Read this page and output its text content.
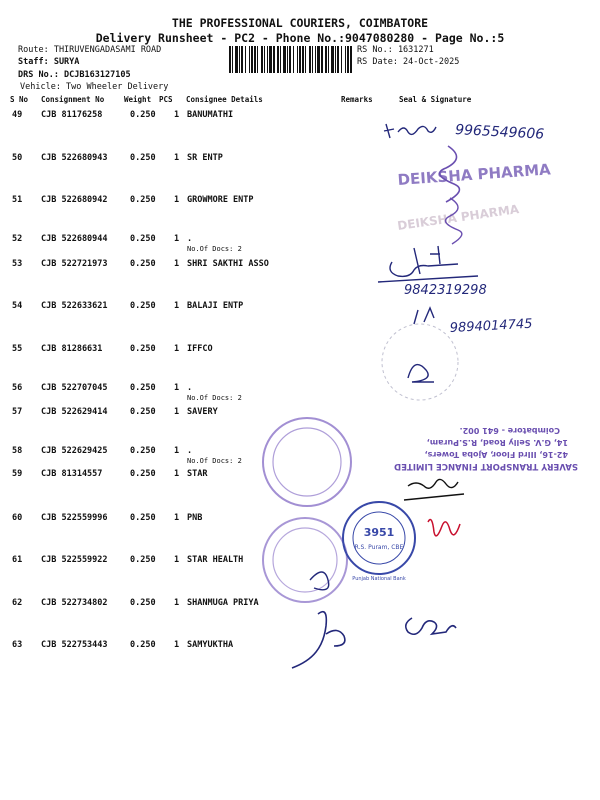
THE PROFESSIONAL COURIERS, COIMBATORE
Delivery Runsheet - PC2 - Phone No.:9047080280 - Page No.:5
Route: THIRUVENGADASAMI ROAD
Staff: SURYA
DRS No.: DCJB163127105
Vehicle: Two Wheeler Delivery
RS No.: 1631271
RS Date: 24-Oct-2025
S No Consignment No	Weight PCS Consignee Details	Remarks	Seal & Signature
49 CJB 81176258	0.250 1 BANUMATHI
50 CJB 522680943	0.250 1 SR ENTP
51 CJB 522680942	0.250 1 GROWMORE ENTP
52 CJB 522680944	0.250 1 .
No.Of Docs: 2
53 CJB 522721973	0.250 1 SHRI SAKTHI ASSO
54 CJB 522633621	0.250 1 BALAJI ENTP
55 CJB 81286631	0.250 1 IFFCO
56 CJB 522707045	0.250 1 .
No.Of Docs: 2
57 CJB 522629414	0.250 1 SAVERY
58 CJB 522629425	0.250 1 .
No.Of Docs: 2
59 CJB 81314557	0.250 1 STAR
60 CJB 522559996	0.250 1 PNB
61 CJB 522559922	0.250 1 STAR HEALTH
62 CJB 522734802	0.250 1 SHANMUGA PRIYA
63 CJB 522753443	0.250 1 SAMYUKTHA
9965549606
DEIKSHA PHARMA
DEIKSHA PHARMA
9842319298
9894014745
SAVERY TRANSPORT FINANCE LIMITED
42-16, IIIrd Floor, Ajoba Towers,
14, G.V. Selly Road, R.S.Puram,
Coimbatore - 641 002.
3951
R.S. Puram, CBE
Punjab National Bank
